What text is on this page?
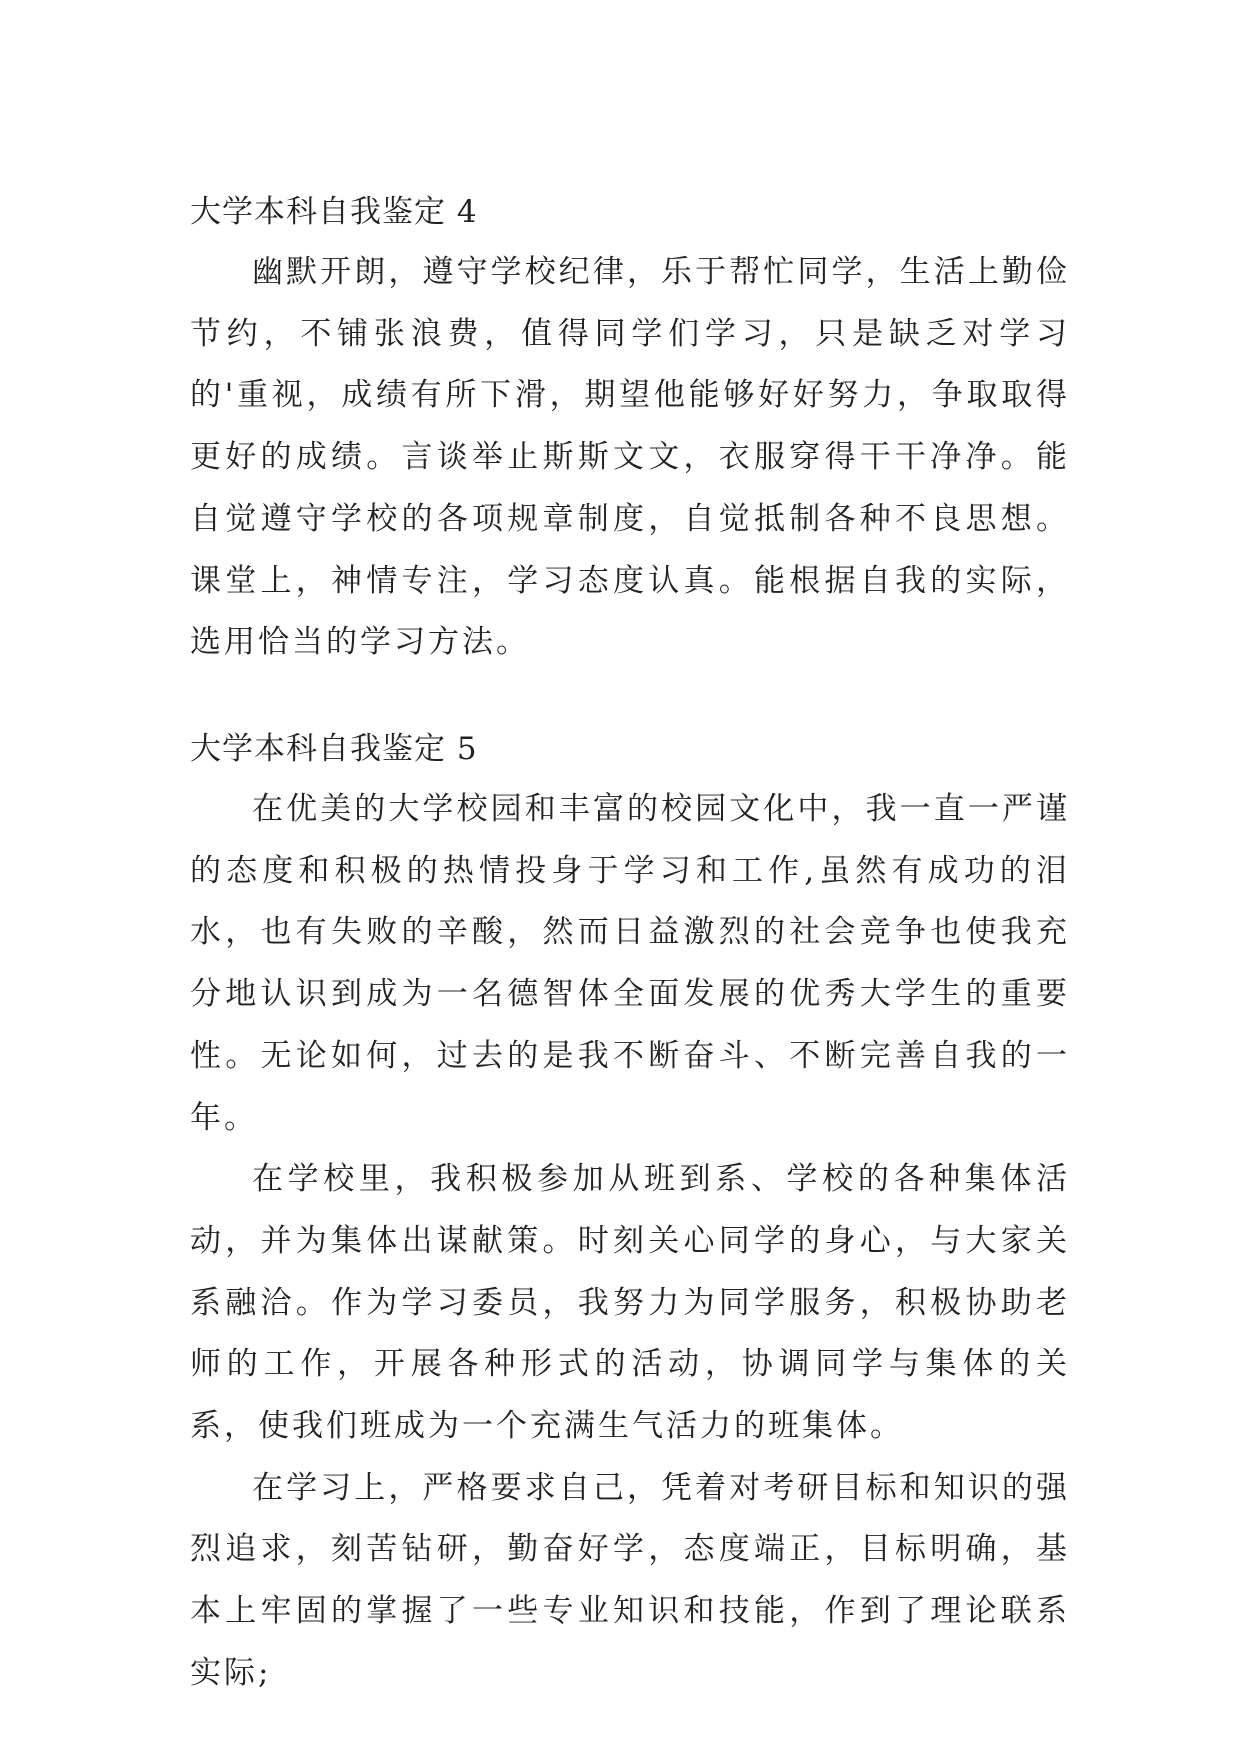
大学本科自我鉴定 4

幽默开朗，遵守学校纪律，乐于帮忙同学，生活上勤俭节约，不铺张浪费，值得同学们学习，只是缺乏对学习的'重视，成绩有所下滑，期望他能够好好努力，争取取得更好的成绩。言谈举止斯斯文文，衣服穿得干干净净。能自觉遵守学校的各项规章制度，自觉抵制各种不良思想。课堂上，神情专注，学习态度认真。能根据自我的实际，选用恰当的学习方法。

大学本科自我鉴定 5

在优美的大学校园和丰富的校园文化中，我一直一严谨的态度和积极的热情投身于学习和工作,虽然有成功的泪水，也有失败的辛酸，然而日益激烈的社会竞争也使我充分地认识到成为一名德智体全面发展的优秀大学生的重要性。无论如何，过去的是我不断奋斗、不断完善自我的一年。

在学校里，我积极参加从班到系、学校的各种集体活动，并为集体出谋献策。时刻关心同学的身心，与大家关系融洽。作为学习委员，我努力为同学服务，积极协助老师的工作，开展各种形式的活动，协调同学与集体的关系，使我们班成为一个充满生气活力的班集体。

在学习上，严格要求自己，凭着对考研目标和知识的强烈追求，刻苦钻研，勤奋好学，态度端正，目标明确，基本上牢固的掌握了一些专业知识和技能，作到了理论联系实际;
